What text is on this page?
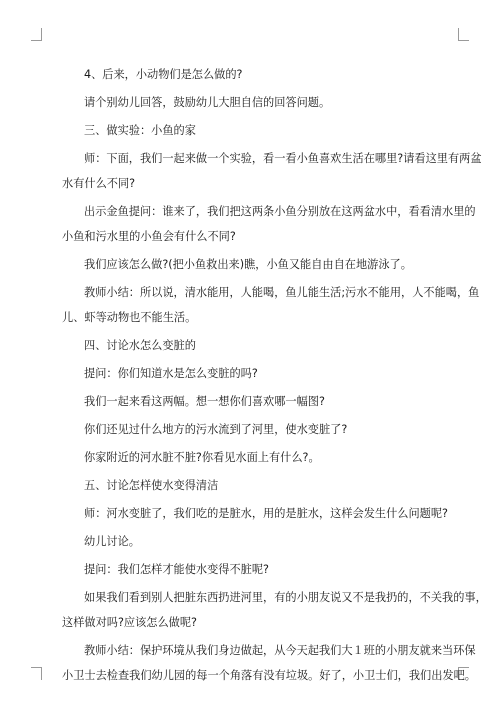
4、后来，小动物们是怎么做的?

请个别幼儿回答，鼓励幼儿大胆自信的回答问题。

三、做实验：小鱼的家

师：下面，我们一起来做一个实验，看一看小鱼喜欢生活在哪里?请看这里有两盆

水有什么不同?

出示金鱼提问：谁来了，我们把这两条小鱼分别放在这两盆水中，看看清水里的

小鱼和污水里的小鱼会有什么不同?

我们应该怎么做?(把小鱼救出来)瞧，小鱼又能自由自在地游泳了。

教师小结：所以说，清水能用，人能喝，鱼儿能生活;污水不能用，人不能喝，鱼

儿、虾等动物也不能生活。

四、讨论水怎么变脏的

提问：你们知道水是怎么变脏的吗?

我们一起来看这两幅。想一想你们喜欢哪一幅图?

你们还见过什么地方的污水流到了河里，使水变脏了?

你家附近的河水脏不脏?你看见水面上有什么?。

五、讨论怎样使水变得清洁

师：河水变脏了，我们吃的是脏水，用的是脏水，这样会发生什么问题呢?

幼儿讨论。

提问：我们怎样才能使水变得不脏呢?

如果我们看到别人把脏东西扔进河里，有的小朋友说又不是我扔的，不关我的事，

这样做对吗?应该怎么做呢?

教师小结：保护环境从我们身边做起，从今天起我们大１班的小朋友就来当环保

小卫士去检查我们幼儿园的每一个角落有没有垃圾。好了，小卫士们，我们出发吧。
